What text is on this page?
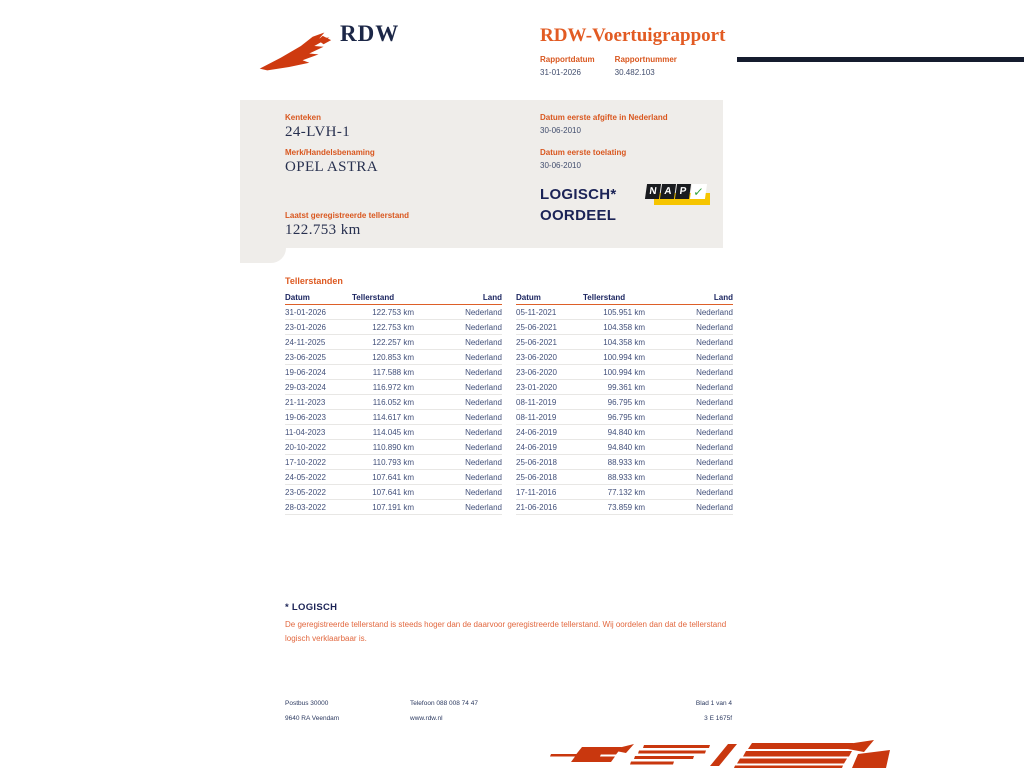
RDW	RDW-Voertuigrapport
Rapportdatum
31-01-2026
Rapportnummer
30.482.103
Kenteken
24-LVH-1
Merk/Handelsbenaming
OPEL ASTRA
Laatst geregistreerde tellerstand
122.753 km
Datum eerste afgifte in Nederland
30-06-2010
Datum eerste toelating
30-06-2010
LOGISCH*
OORDEEL
N A P ✓
Tellerstanden
Datum	Tellerstand	Land
31-01-2026	122.753 km	Nederland
23-01-2026	122.753 km	Nederland
24-11-2025	122.257 km	Nederland
23-06-2025	120.853 km	Nederland
19-06-2024	117.588 km	Nederland
29-03-2024	116.972 km	Nederland
21-11-2023	116.052 km	Nederland
19-06-2023	114.617 km	Nederland
11-04-2023	114.045 km	Nederland
20-10-2022	110.890 km	Nederland
17-10-2022	110.793 km	Nederland
24-05-2022	107.641 km	Nederland
23-05-2022	107.641 km	Nederland
28-03-2022	107.191 km	Nederland
Datum	Tellerstand	Land
05-11-2021	105.951 km	Nederland
25-06-2021	104.358 km	Nederland
25-06-2021	104.358 km	Nederland
23-06-2020	100.994 km	Nederland
23-06-2020	100.994 km	Nederland
23-01-2020	99.361 km	Nederland
08-11-2019	96.795 km	Nederland
08-11-2019	96.795 km	Nederland
24-06-2019	94.840 km	Nederland
24-06-2019	94.840 km	Nederland
25-06-2018	88.933 km	Nederland
25-06-2018	88.933 km	Nederland
17-11-2016	77.132 km	Nederland
21-06-2016	73.859 km	Nederland
* LOGISCH
De geregistreerde tellerstand is steeds hoger dan de daarvoor geregistreerde tellerstand. Wij oordelen dan dat de tellerstand logisch verklaarbaar is.
Postbus 30000
9640 RA Veendam
Telefoon 088 008 74 47
www.rdw.nl
Blad 1 van 4
3 E 1675f
